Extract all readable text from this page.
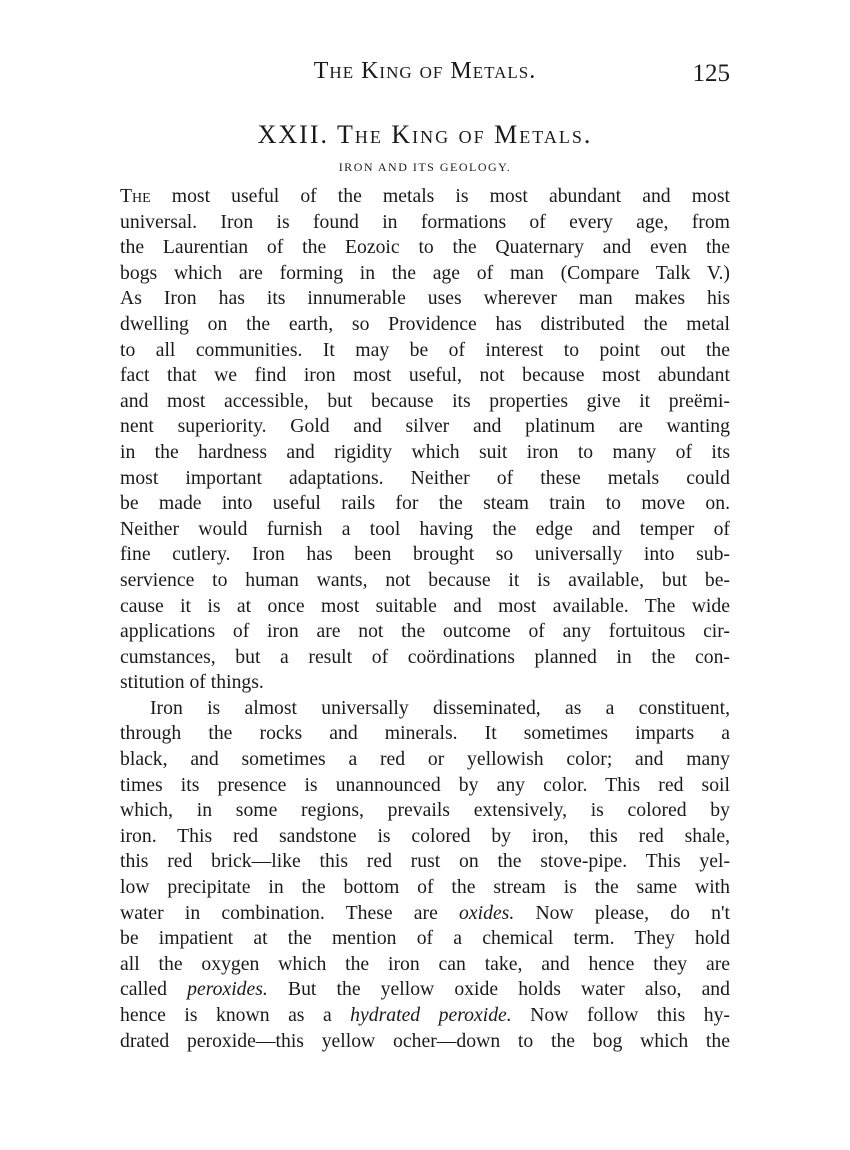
The King of Metals.	125
XXII. The King of Metals.
IRON AND ITS GEOLOGY.
The most useful of the metals is most abundant and most
universal. Iron is found in formations of every age, from
the Laurentian of the Eozoic to the Quaternary and even the
bogs which are forming in the age of man (Compare Talk V.)
As Iron has its innumerable uses wherever man makes his
dwelling on the earth, so Providence has distributed the metal
to all communities. It may be of interest to point out the
fact that we find iron most useful, not because most abundant
and most accessible, but because its properties give it preëmi-
nent superiority. Gold and silver and platinum are wanting
in the hardness and rigidity which suit iron to many of its
most important adaptations. Neither of these metals could
be made into useful rails for the steam train to move on.
Neither would furnish a tool having the edge and temper of
fine cutlery. Iron has been brought so universally into sub-
servience to human wants, not because it is available, but be-
cause it is at once most suitable and most available. The wide
applications of iron are not the outcome of any fortuitous cir-
cumstances, but a result of coördinations planned in the con-
stitution of things.
Iron is almost universally disseminated, as a constituent,
through the rocks and minerals. It sometimes imparts a
black, and sometimes a red or yellowish color; and many
times its presence is unannounced by any color. This red soil
which, in some regions, prevails extensively, is colored by
iron. This red sandstone is colored by iron, this red shale,
this red brick—like this red rust on the stove-pipe. This yel-
low precipitate in the bottom of the stream is the same with
water in combination. These are oxides. Now please, do n't
be impatient at the mention of a chemical term. They hold
all the oxygen which the iron can take, and hence they are
called peroxides. But the yellow oxide holds water also, and
hence is known as a hydrated peroxide. Now follow this hy-
drated peroxide—this yellow ocher—down to the bog which the
